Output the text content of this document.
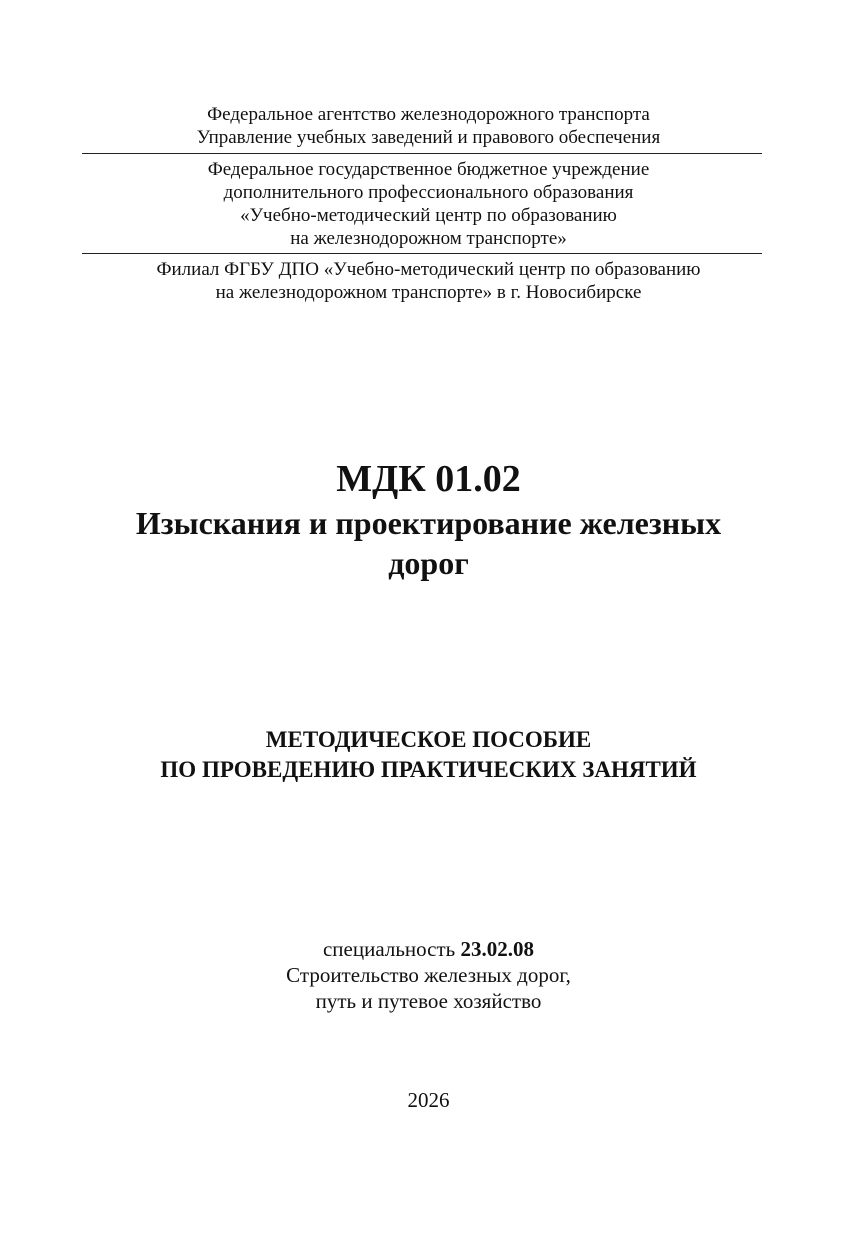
Федеральное агентство железнодорожного транспорта
Управление учебных заведений и правового обеспечения
Федеральное государственное бюджетное учреждение
дополнительного профессионального образования
«Учебно-методический центр по образованию
на железнодорожном транспорте»
Филиал ФГБУ ДПО «Учебно-методический центр по образованию
на железнодорожном транспорте» в г. Новосибирске
МДК 01.02
Изыскания и проектирование железных
дорог
МЕТОДИЧЕСКОЕ ПОСОБИЕ
ПО ПРОВЕДЕНИЮ ПРАКТИЧЕСКИХ ЗАНЯТИЙ
специальность 23.02.08
Строительство железных дорог,
путь и путевое хозяйство
2026
